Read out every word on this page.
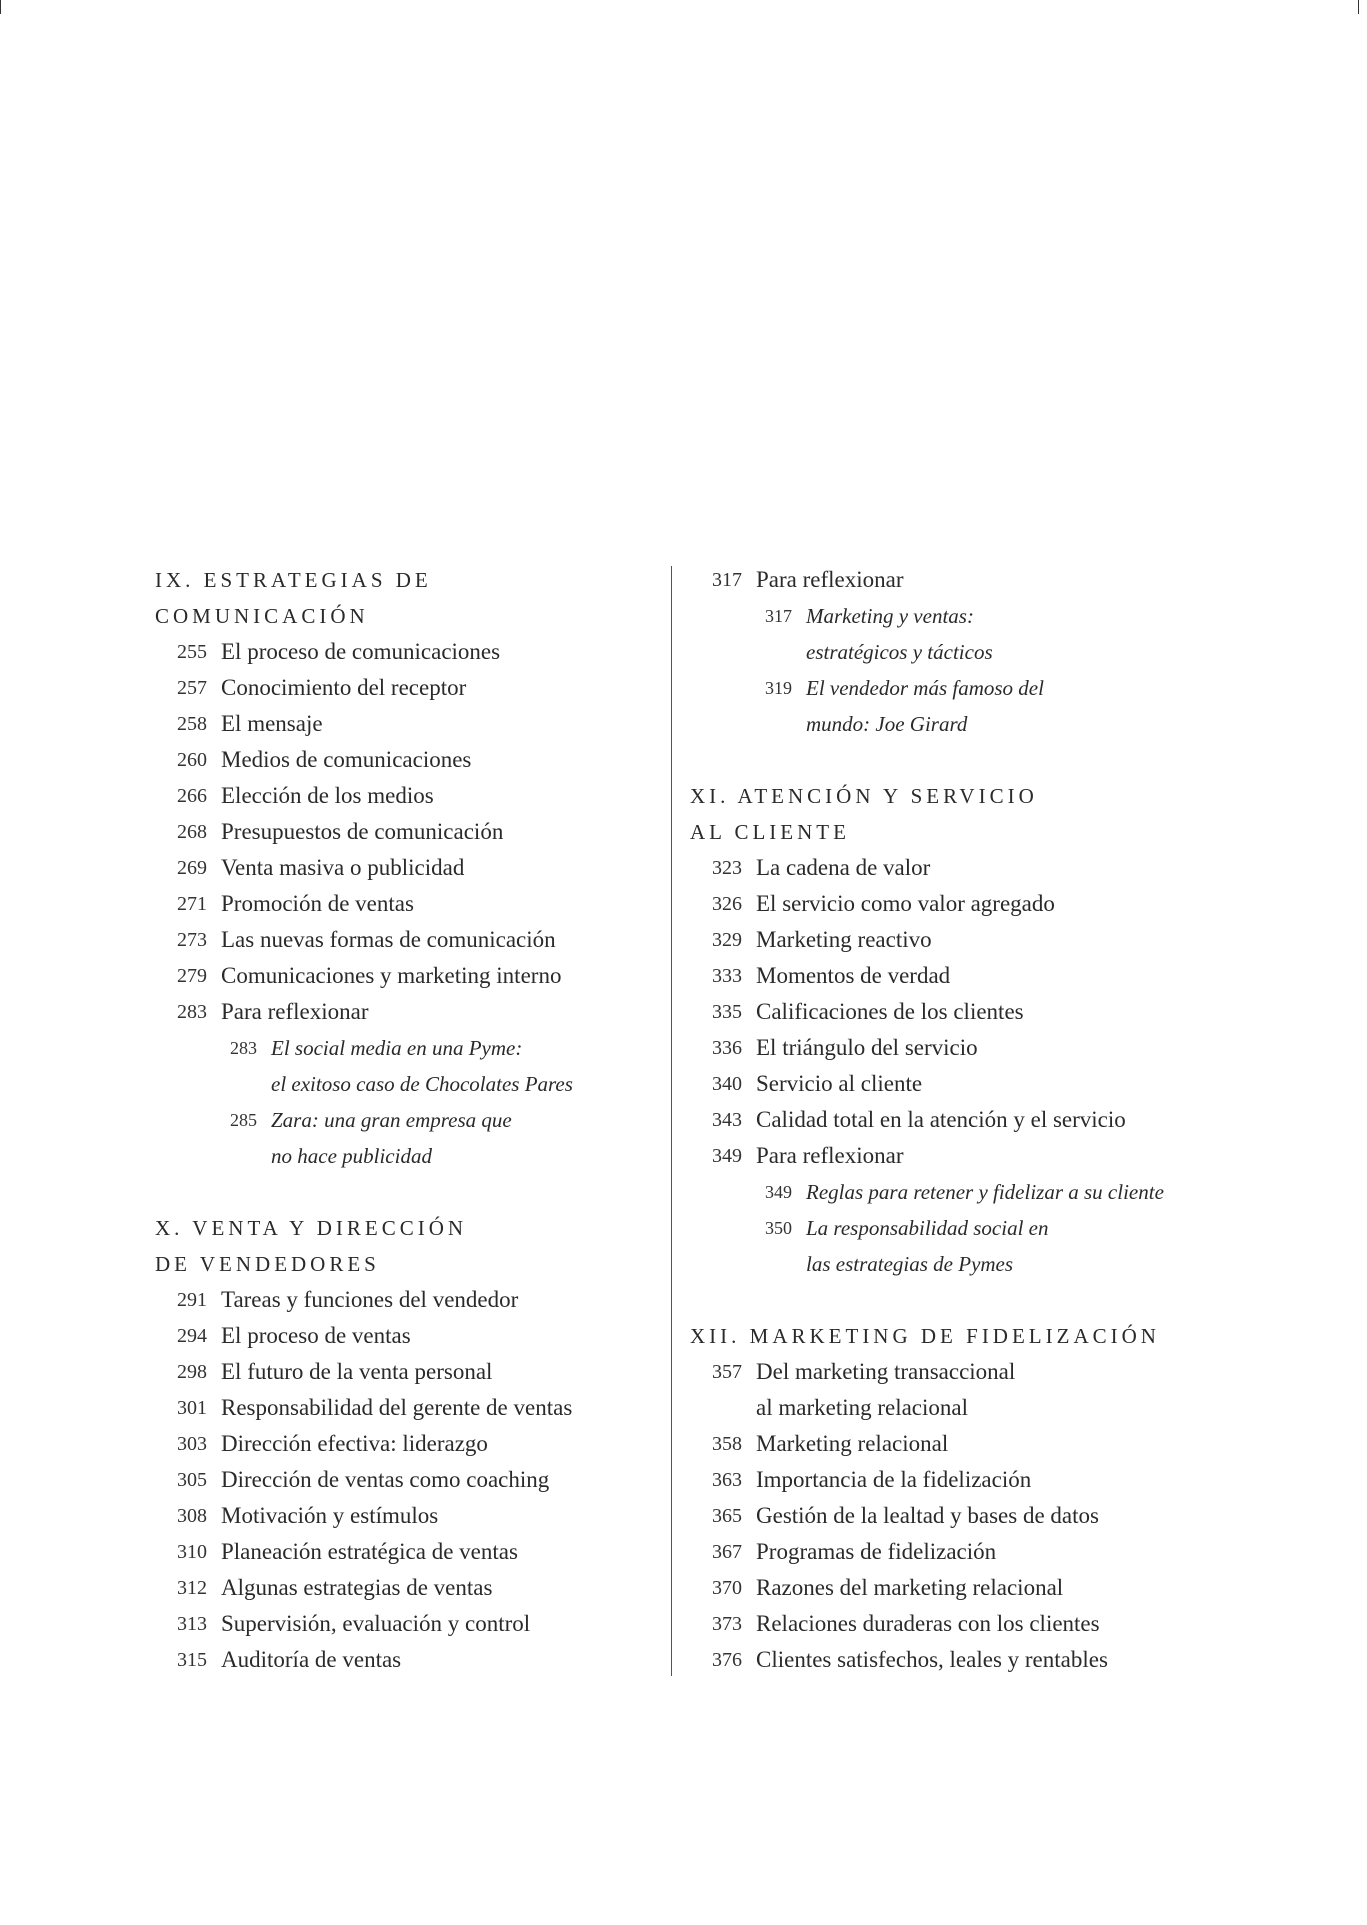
IX. ESTRATEGIAS DE
COMUNICACIÓN
255 El proceso de comunicaciones
257 Conocimiento del receptor
258 El mensaje
260 Medios de comunicaciones
266 Elección de los medios
268 Presupuestos de comunicación
269 Venta masiva o publicidad
271 Promoción de ventas
273 Las nuevas formas de comunicación
279 Comunicaciones y marketing interno
283 Para reflexionar
283 El social media en una Pyme:
el exitoso caso de Chocolates Pares
285 Zara: una gran empresa que
no hace publicidad
X. VENTA Y DIRECCIÓN
DE VENDEDORES
291 Tareas y funciones del vendedor
294 El proceso de ventas
298 El futuro de la venta personal
301 Responsabilidad del gerente de ventas
303 Dirección efectiva: liderazgo
305 Dirección de ventas como coaching
308 Motivación y estímulos
310 Planeación estratégica de ventas
312 Algunas estrategias de ventas
313 Supervisión, evaluación y control
315 Auditoría de ventas
317 Para reflexionar
317 Marketing y ventas:
estratégicos y tácticos
319 El vendedor más famoso del
mundo: Joe Girard
XI. ATENCIÓN Y SERVICIO
AL CLIENTE
323 La cadena de valor
326 El servicio como valor agregado
329 Marketing reactivo
333 Momentos de verdad
335 Calificaciones de los clientes
336 El triángulo del servicio
340 Servicio al cliente
343 Calidad total en la atención y el servicio
349 Para reflexionar
349 Reglas para retener y fidelizar a su cliente
350 La responsabilidad social en
las estrategias de Pymes
XII. MARKETING DE FIDELIZACIÓN
357 Del marketing transaccional
al marketing relacional
358 Marketing relacional
363 Importancia de la fidelización
365 Gestión de la lealtad y bases de datos
367 Programas de fidelización
370 Razones del marketing relacional
373 Relaciones duraderas con los clientes
376 Clientes satisfechos, leales y rentables
